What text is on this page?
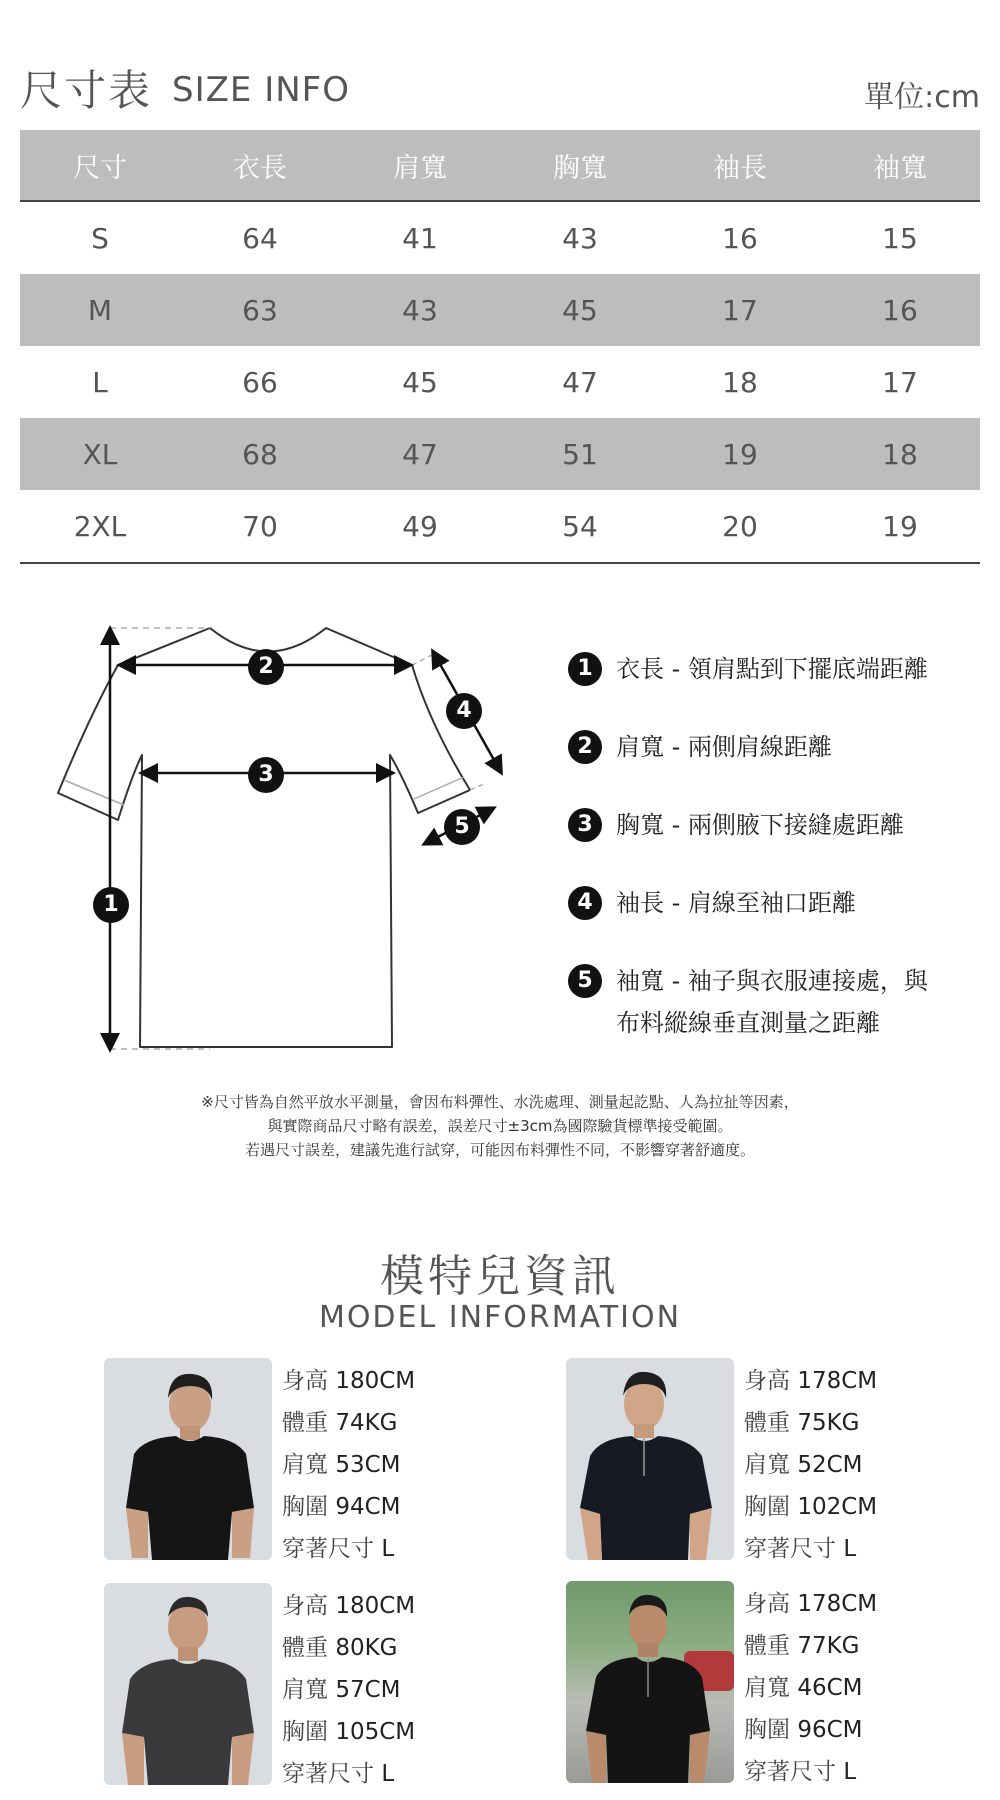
尺寸表 SIZE INFO	單位:cm
尺寸	衣長	肩寬	胸寬	袖長	袖寬
S	64	41	43	16	15
M	63	43	45	17	16
L	66	45	47	18	17
XL	68	47	51	19	18
2XL	70	49	54	20	19
1
2
3
4
5
1 衣長 - 領肩點到下擺底端距離
2 肩寬 - 兩側肩線距離
3 胸寬 - 兩側腋下接縫處距離
4 袖長 - 肩線至袖口距離
5 袖寬 - 袖子與衣服連接處，與
布料縱線垂直測量之距離
※尺寸皆為自然平放水平測量，會因布料彈性、水洗處理、測量起訖點、人為拉扯等因素，
與實際商品尺寸略有誤差，誤差尺寸±3cm為國際驗貨標準接受範圍。
若遇尺寸誤差，建議先進行試穿，可能因布料彈性不同，不影響穿著舒適度。
模特兒資訊
MODEL INFORMATION
身高 180CM
體重 74KG
肩寬 53CM
胸圍 94CM
穿著尺寸 L
身高 178CM
體重 75KG
肩寬 52CM
胸圍 102CM
穿著尺寸 L
身高 180CM
體重 80KG
肩寬 57CM
胸圍 105CM
穿著尺寸 L
身高 178CM
體重 77KG
肩寬 46CM
胸圍 96CM
穿著尺寸 L
